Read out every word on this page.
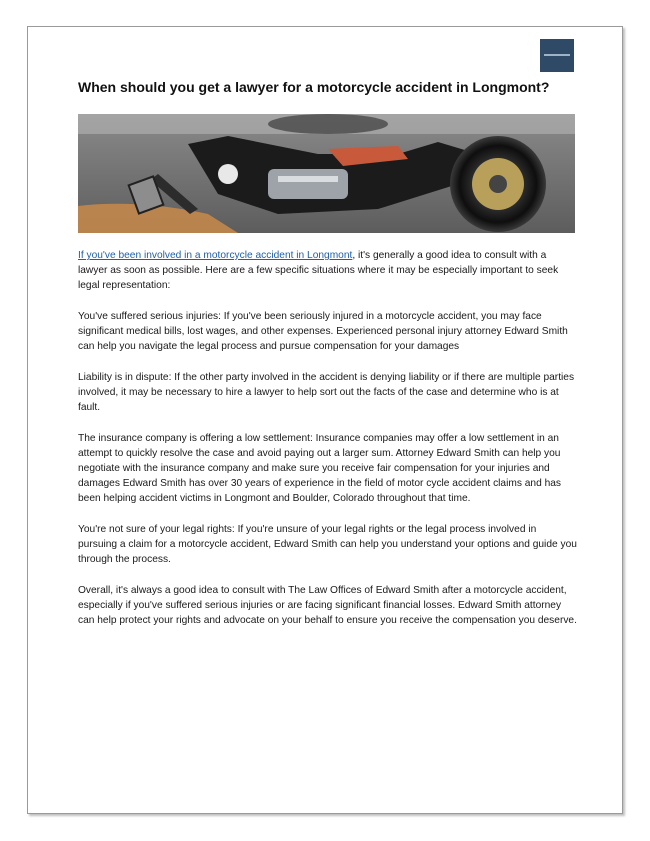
When should you get a lawyer for a motorcycle accident in Longmont?

If you've been involved in a motorcycle accident in Longmont, it's generally a good idea to consult with a lawyer as soon as possible. Here are a few specific situations where it may be especially important to seek legal representation:

You've suffered serious injuries: If you've been seriously injured in a motorcycle accident, you may face significant medical bills, lost wages, and other expenses. Experienced personal injury attorney Edward Smith can help you navigate the legal process and pursue compensation for your damages

Liability is in dispute: If the other party involved in the accident is denying liability or if there are multiple parties involved, it may be necessary to hire a lawyer to help sort out the facts of the case and determine who is at fault.

The insurance company is offering a low settlement: Insurance companies may offer a low settlement in an attempt to quickly resolve the case and avoid paying out a larger sum. Attorney Edward Smith can help you negotiate with the insurance company and make sure you receive fair compensation for your injuries and damages Edward Smith has over 30 years of experience in the field of motor cycle accident claims and has been helping accident victims in Longmont and Boulder, Colorado throughout that time.

You're not sure of your legal rights: If you're unsure of your legal rights or the legal process involved in pursuing a claim for a motorcycle accident, Edward Smith can help you understand your options and guide you through the process.

Overall, it's always a good idea to consult with The Law Offices of Edward Smith after a motorcycle accident, especially if you've suffered serious injuries or are facing significant financial losses. Edward Smith attorney can help protect your rights and advocate on your behalf to ensure you receive the compensation you deserve.
